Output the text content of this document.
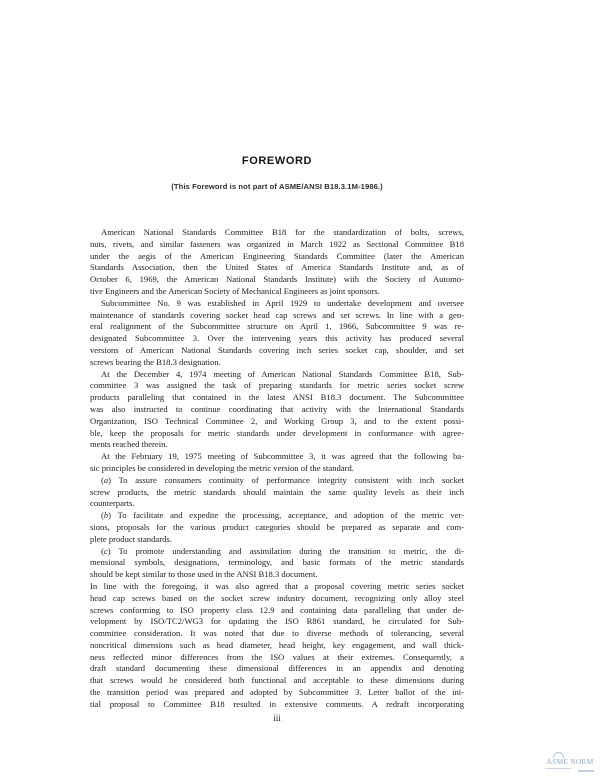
FOREWORD
(This Foreword is not part of ASME/ANSI B18.3.1M-1986.)
American National Standards Committee B18 for the standardization of bolts, screws,
nuts, rivets, and similar fasteners was organized in March 1922 as Sectional Committee B18
under the aegis of the American Engineering Standards Committee (later the American
Standards Association, then the United States of America Standards Institute and, as of
October 6, 1969, the American National Standards Institute) with the Society of Automo-
tive Engineers and the American Society of Mechanical Engineers as joint sponsors.
Subcommittee No. 9 was established in April 1929 to undertake development and oversee
maintenance of standards covering socket head cap screws and set screws. In line with a gen-
eral realignment of the Subcommittee structure on April 1, 1966, Subcommittee 9 was re-
designated Subcommittee 3. Over the intervening years this activity has produced several
versions of American National Standards covering inch series socket cap, shoulder, and set
screws bearing the B18.3 designation.
At the December 4, 1974 meeting of American National Standards Committee B18, Sub-
committee 3 was assigned the task of preparing standards for metric series socket screw
products paralleling that contained in the latest ANSI B18.3 document. The Subcommittee
was also instructed to continue coordinating that activity with the International Standards
Organization, ISO Technical Committee 2, and Working Group 3, and to the extent possi-
ble, keep the proposals for metric standards under development in conformance with agree-
ments reached therein.
At the February 19, 1975 meeting of Subcommittee 3, it was agreed that the following ba-
sic principles be considered in developing the metric version of the standard.
(a) To assure consumers continuity of performance integrity consistent with inch socket
screw products, the metric standards should maintain the same quality levels as their inch
counterparts.
(b) To facilitate and expedite the processing, acceptance, and adoption of the metric ver-
sions, proposals for the various product categories should be prepared as separate and com-
plete product standards.
(c) To promote understanding and assimilation during the transition to metric, the di-
mensional symbols, designations, terminology, and basic formats of the metric standards
should be kept similar to those used in the ANSI B18.3 document.
In line with the foregoing, it was also agreed that a proposal covering metric series socket
head cap screws based on the socket screw industry document, recognizing only alloy steel
screws conforming to ISO property class 12.9 and containing data paralleling that under de-
velopment by ISO/TC2/WG3 for updating the ISO R861 standard, be circulated for Sub-
committee consideration. It was noted that due to diverse methods of tolerancing, several
noncritical dimensions such as head diameter, head height, key engagement, and wall thick-
ness reflected minor differences from the ISO values at their extremes. Consequently, a
draft standard documenting these dimensional differences in an appendix and denoting
that screws would be considered both functional and acceptable to these dimensions during
the transition period was prepared and adopted by Subcommittee 3. Letter ballot of the ini-
tial proposal to Committee B18 resulted in extensive comments. A redraft incorporating
iii
ASME NORM
